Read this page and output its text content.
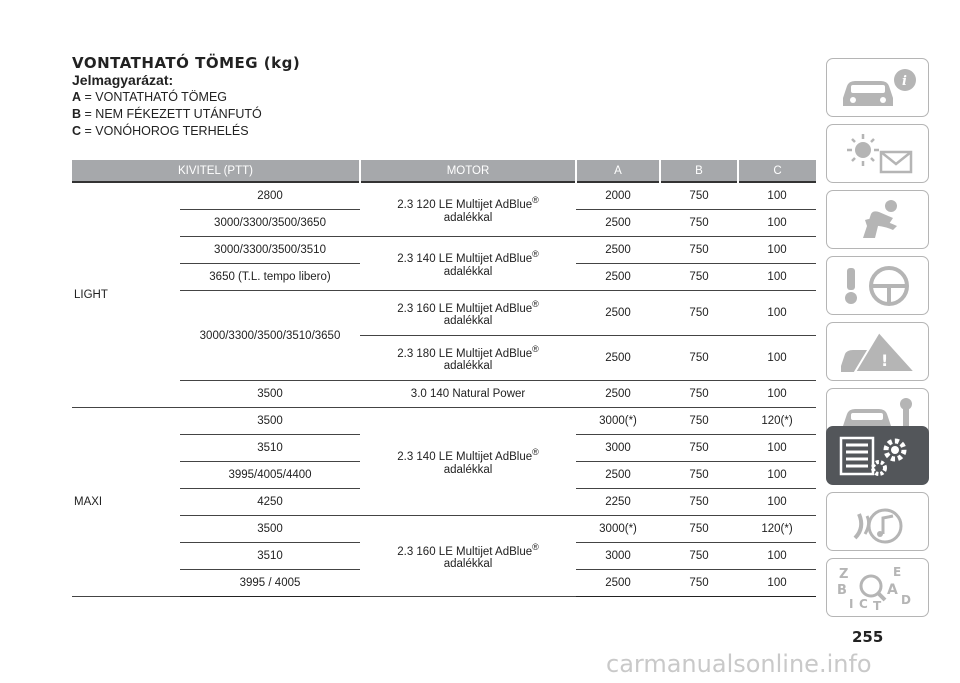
VONTATHATÓ TÖMEG (kg)
Jelmagyarázat:
A = VONTATHATÓ TÖMEG
B = NEM FÉKEZETT UTÁNFUTÓ
C = VONÓHOROG TERHELÉS
KIVITEL (PTT)		MOTOR	A	B	C
LIGHT	2800	2.3 120 LE Multijet AdBlue®
adalékkal	2000	750	100
	3000/3300/3500/3650		2500	750	100
	3000/3300/3500/3510	2.3 140 LE Multijet AdBlue®
adalékkal	2500	750	100
	3650 (T.L. tempo libero)		2500	750	100
	3000/3300/3500/3510/3650	2.3 160 LE Multijet AdBlue®
adalékkal	2500	750	100
		2.3 180 LE Multijet AdBlue®
adalékkal	2500	750	100
	3500	3.0 140 Natural Power	2500	750	100
MAXI	3500	2.3 140 LE Multijet AdBlue®
adalékkal	3000(*)	750	120(*)
	3510		3000	750	100
	3995/4005/4400		2500	750	100
	4250		2250	750	100
	3500	2.3 160 LE Multijet AdBlue®
adalékkal	3000(*)	750	120(*)
	3510		3000	750	100
	3995 / 4005		2500	750	100
i
!
Z	E
B	A
I C T D
255
carmanualsonline.info
